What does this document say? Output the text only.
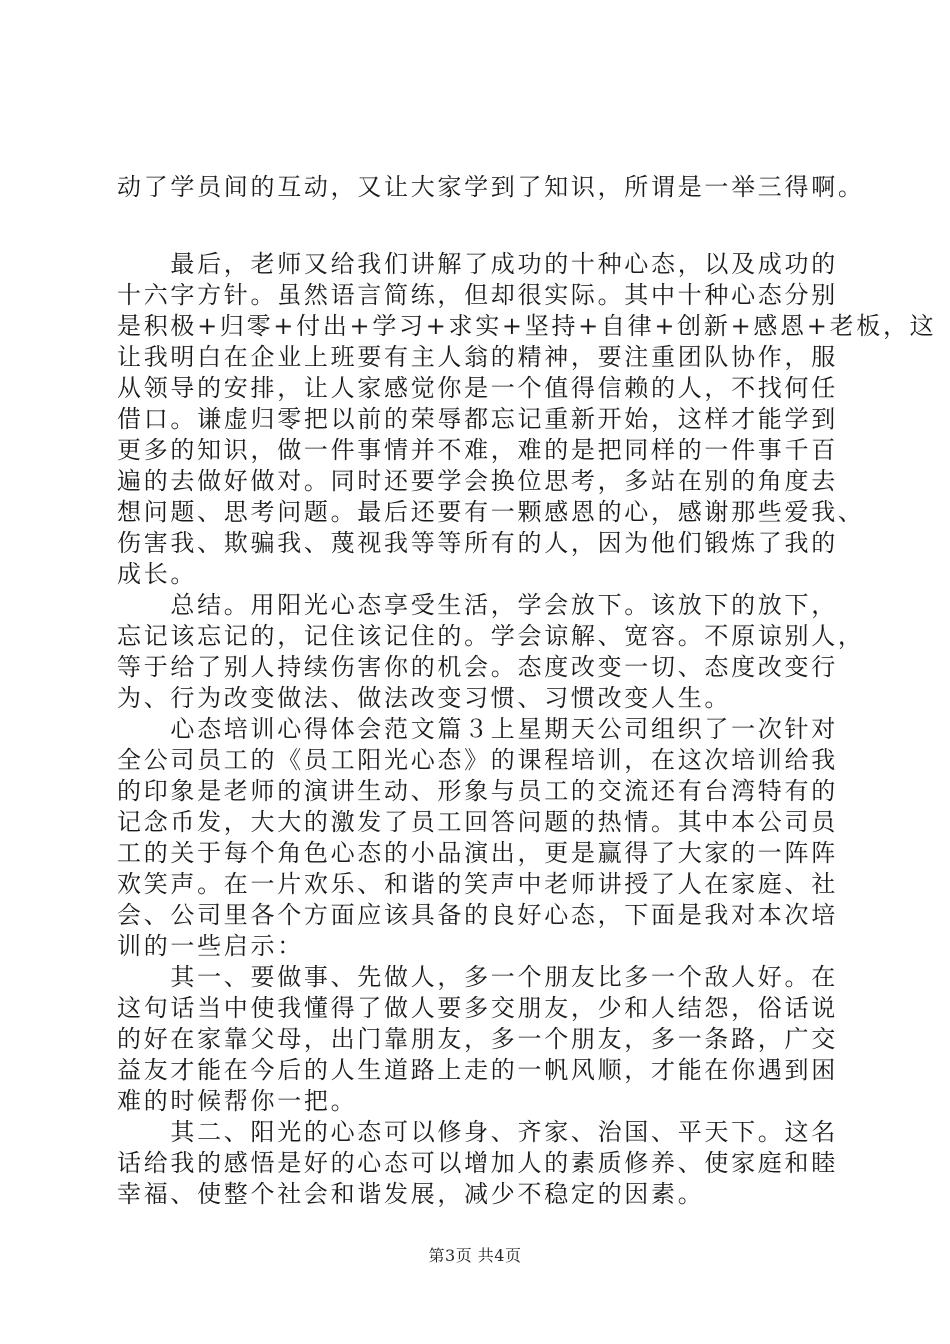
动了学员间的互动，又让大家学到了知识，所谓是一举三得啊。
　　最后，老师又给我们讲解了成功的十种心态，以及成功的
十六字方针。虽然语言简练，但却很实际。其中十种心态分别
是积极+归零+付出+学习+求实+坚持+自律+创新+感恩+老板，这
让我明白在企业上班要有主人翁的精神，要注重团队协作，服
从领导的安排，让人家感觉你是一个值得信赖的人，不找何任
借口。谦虚归零把以前的荣辱都忘记重新开始，这样才能学到
更多的知识，做一件事情并不难，难的是把同样的一件事千百
遍的去做好做对。同时还要学会换位思考，多站在别的角度去
想问题、思考问题。最后还要有一颗感恩的心，感谢那些爱我、
伤害我、欺骗我、蔑视我等等所有的人，因为他们锻炼了我的
成长。
　　总结。用阳光心态享受生活，学会放下。该放下的放下，
忘记该忘记的，记住该记住的。学会谅解、宽容。不原谅别人，
等于给了别人持续伤害你的机会。态度改变一切、态度改变行
为、行为改变做法、做法改变习惯、习惯改变人生。
　　心态培训心得体会范文篇３上星期天公司组织了一次针对
全公司员工的《员工阳光心态》的课程培训，在这次培训给我
的印象是老师的演讲生动、形象与员工的交流还有台湾特有的
记念币发，大大的激发了员工回答问题的热情。其中本公司员
工的关于每个角色心态的小品演出，更是赢得了大家的一阵阵
欢笑声。在一片欢乐、和谐的笑声中老师讲授了人在家庭、社
会、公司里各个方面应该具备的良好心态，下面是我对本次培
训的一些启示：
　　其一、要做事、先做人，多一个朋友比多一个敌人好。在
这句话当中使我懂得了做人要多交朋友，少和人结怨，俗话说
的好在家靠父母，出门靠朋友，多一个朋友，多一条路，广交
益友才能在今后的人生道路上走的一帆风顺，才能在你遇到困
难的时候帮你一把。
　　其二、阳光的心态可以修身、齐家、治国、平天下。这名
话给我的感悟是好的心态可以增加人的素质修养、使家庭和睦
幸福、使整个社会和谐发展，减少不稳定的因素。
第3页 共4页
